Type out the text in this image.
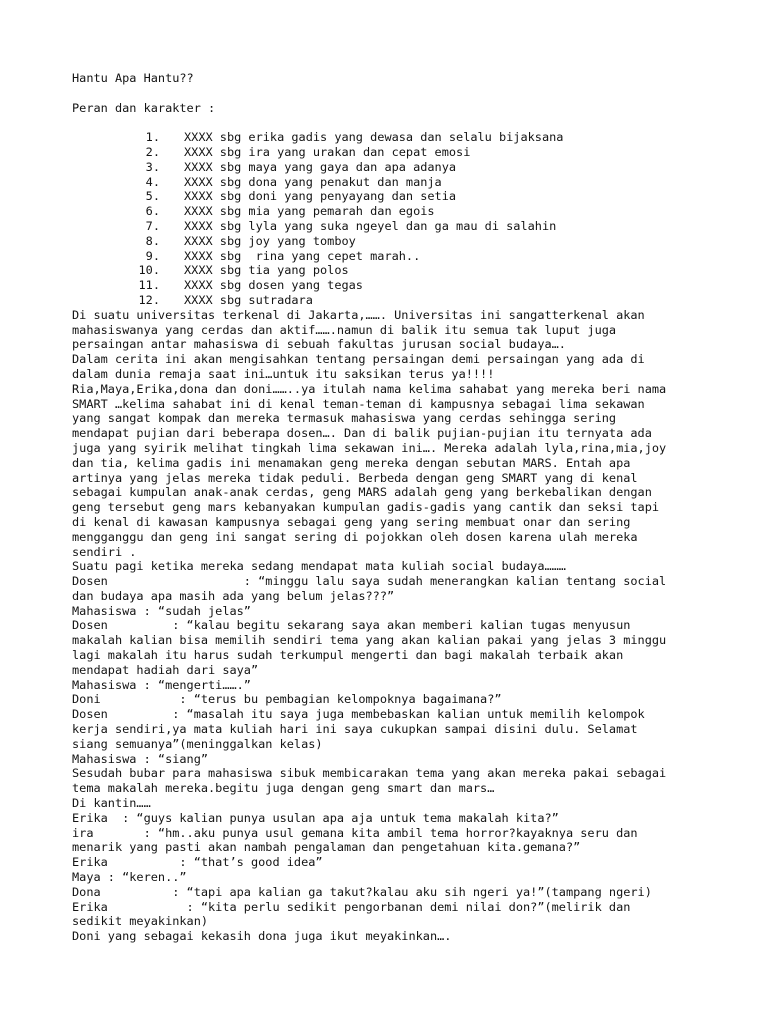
Hantu Apa Hantu??

Peran dan karakter :

1. XXXX sbg erika gadis yang dewasa dan selalu bijaksana
2. XXXX sbg ira yang urakan dan cepat emosi
3. XXXX sbg maya yang gaya dan apa adanya
4. XXXX sbg dona yang penakut dan manja
5. XXXX sbg doni yang penyayang dan setia
6. XXXX sbg mia yang pemarah dan egois
7. XXXX sbg lyla yang suka ngeyel dan ga mau di salahin
8. XXXX sbg joy yang tomboy
9. XXXX sbg  rina yang cepet marah..
10. XXXX sbg tia yang polos
11. XXXX sbg dosen yang tegas
12. XXXX sbg sutradara

Di suatu universitas terkenal di Jakarta,……. Universitas ini sangatterkenal akan

mahasiswanya yang cerdas dan aktif…….namun di balik itu semua tak luput juga

persaingan antar mahasiswa di sebuah fakultas jurusan social budaya….

Dalam cerita ini akan mengisahkan tentang persaingan demi persaingan yang ada di

dalam dunia remaja saat ini…untuk itu saksikan terus ya!!!!

Ria,Maya,Erika,dona dan doni……..ya itulah nama kelima sahabat yang mereka beri nama

SMART …kelima sahabat ini di kenal teman-teman di kampusnya sebagai lima sekawan

yang sangat kompak dan mereka termasuk mahasiswa yang cerdas sehingga sering

mendapat pujian dari beberapa dosen…. Dan di balik pujian-pujian itu ternyata ada

juga yang syirik melihat tingkah lima sekawan ini…. Mereka adalah lyla,rina,mia,joy

dan tia, kelima gadis ini menamakan geng mereka dengan sebutan MARS. Entah apa

artinya yang jelas mereka tidak peduli. Berbeda dengan geng SMART yang di kenal

sebagai kumpulan anak-anak cerdas, geng MARS adalah geng yang berkebalikan dengan

geng tersebut geng mars kebanyakan kumpulan gadis-gadis yang cantik dan seksi tapi

di kenal di kawasan kampusnya sebagai geng yang sering membuat onar dan sering

mengganggu dan geng ini sangat sering di pojokkan oleh dosen karena ulah mereka

sendiri .

Suatu pagi ketika mereka sedang mendapat mata kuliah social budaya………

Dosen                   : “minggu lalu saya sudah menerangkan kalian tentang social

dan budaya apa masih ada yang belum jelas???”

Mahasiswa : “sudah jelas”

Dosen         : “kalau begitu sekarang saya akan memberi kalian tugas menyusun

makalah kalian bisa memilih sendiri tema yang akan kalian pakai yang jelas 3 minggu

lagi makalah itu harus sudah terkumpul mengerti dan bagi makalah terbaik akan

mendapat hadiah dari saya”

Mahasiswa : “mengerti…….”

Doni           : “terus bu pembagian kelompoknya bagaimana?”

Dosen         : “masalah itu saya juga membebaskan kalian untuk memilih kelompok

kerja sendiri,ya mata kuliah hari ini saya cukupkan sampai disini dulu. Selamat

siang semuanya”(meninggalkan kelas)

Mahasiswa : “siang”

Sesudah bubar para mahasiswa sibuk membicarakan tema yang akan mereka pakai sebagai

tema makalah mereka.begitu juga dengan geng smart dan mars…

Di kantin……

Erika  : “guys kalian punya usulan apa aja untuk tema makalah kita?”

ira       : “hm..aku punya usul gemana kita ambil tema horror?kayaknya seru dan

menarik yang pasti akan nambah pengalaman dan pengetahuan kita.gemana?”

Erika          : “that’s good idea”

Maya : “keren..”

Dona          : “tapi apa kalian ga takut?kalau aku sih ngeri ya!”(tampang ngeri)

Erika           : “kita perlu sedikit pengorbanan demi nilai don?”(melirik dan

sedikit meyakinkan)

Doni yang sebagai kekasih dona juga ikut meyakinkan….
